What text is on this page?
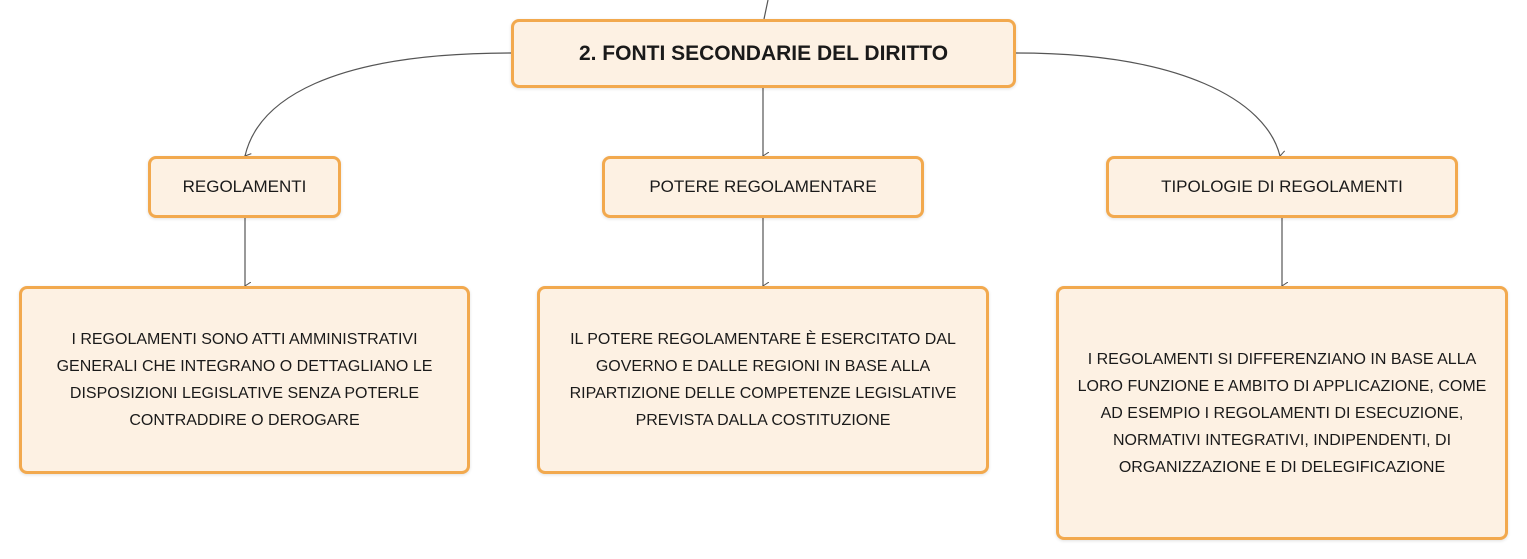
2. FONTI SECONDARIE DEL DIRITTO
REGOLAMENTI	POTERE REGOLAMENTARE	TIPOLOGIE DI REGOLAMENTI
I REGOLAMENTI SONO ATTI AMMINISTRATIVI GENERALI CHE INTEGRANO O DETTAGLIANO LE DISPOSIZIONI LEGISLATIVE SENZA POTERLE CONTRADDIRE O DEROGARE
IL POTERE REGOLAMENTARE È ESERCITATO DAL GOVERNO E DALLE REGIONI IN BASE ALLA RIPARTIZIONE DELLE COMPETENZE LEGISLATIVE PREVISTA DALLA COSTITUZIONE
I REGOLAMENTI SI DIFFERENZIANO IN BASE ALLA LORO FUNZIONE E AMBITO DI APPLICAZIONE, COME AD ESEMPIO I REGOLAMENTI DI ESECUZIONE, NORMATIVI INTEGRATIVI, INDIPENDENTI, DI ORGANIZZAZIONE E DI DELEGIFICAZIONE
